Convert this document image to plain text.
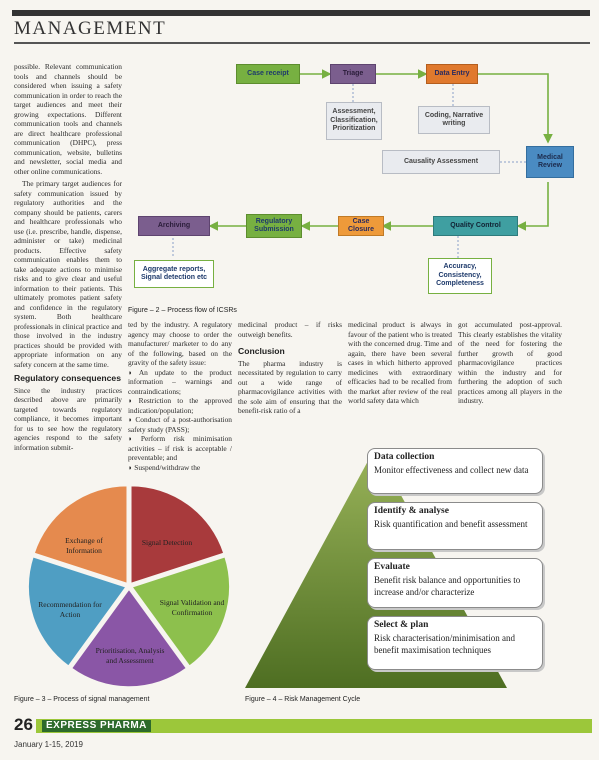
MANAGEMENT

possible. Relevant communication tools and channels should be considered when issuing a safety communication in order to reach the target audiences and meet their growing expectations. Different communication tools and channels are direct healthcare professional communication (DHPC), press communication, website, bulletins and newsletter, social media and other online communications.

The primary target audiences for safety communication issued by regulatory authorities and the company should be patients, carers and healthcare professionals who use (i.e. prescribe, handle, dispense, administer or take) medicinal products. Effective safety communication enables them to take adequate actions to minimise risks and to give clear and useful information to their patients. This ultimately promotes patient safety and confidence in the regulatory system. Both healthcare professionals in clinical practice and those involved in the industry practices should be provided with appropriate information on any safety concern at the same time.

Regulatory consequences

Since the industry practices described above are primarily targeted towards regulatory compliance, it becomes important for us to see how the regulatory agencies respond to the safety information submit-

Case receipt	Triage	Data Entry
Assessment, Classification, Prioritization
Coding, Narrative writing
Causality Assessment
Medical Review
Archiving
Regulatory Submission
Case Closure
Quality Control
Aggregate reports, Signal detection etc
Accuracy, Consistency, Completeness
Figure – 2 – Process flow of ICSRs

ted by the industry. A regulatory agency may choose to order the manufacturer/ marketer to do any of the following, based on the gravity of the safety issue:

◗ An update to the product information – warnings and contraindications;
◗ Restriction to the approved indication/population;
◗ Conduct of a post-authorisation safety study (PASS);
◗ Perform risk minimisation activities – if risk is acceptable / preventable; and
◗ Suspend/withdraw the

medicinal product – if risks outweigh benefits.

Conclusion

The pharma industry is necessitated by regulation to carry out a wide range of pharmacovigilance activities with the sole aim of ensuring that the benefit-risk ratio of a

medicinal product is always in favour of the patient who is treated with the concerned drug. Time and again, there have been several cases in which hitherto approved medicines with extraordinary efficacies had to be recalled from the market after review of the real world safety data which

got accumulated post-approval. This clearly establishes the vitality of the need for fostering the further growth of good pharmacovigilance practices within the industry and for furthering the adoption of such practices among all players in the industry.

Signal Detection
Signal Validation and Confirmation
Prioritisation, Analysis and Assessment
Recommendation for Action
Exchange of Information
Figure – 3 – Process of signal management
Data collection
Monitor effectiveness and collect new data
Identify & analyse
Risk quantification and benefit assessment
Evaluate
Benefit risk balance and opportunities to increase and/or characterize
Select & plan
Risk characterisation/minimisation and benefit maximisation techniques
Figure – 4 – Risk Management Cycle
26	EXPRESS PHARMA
January 1-15, 2019
